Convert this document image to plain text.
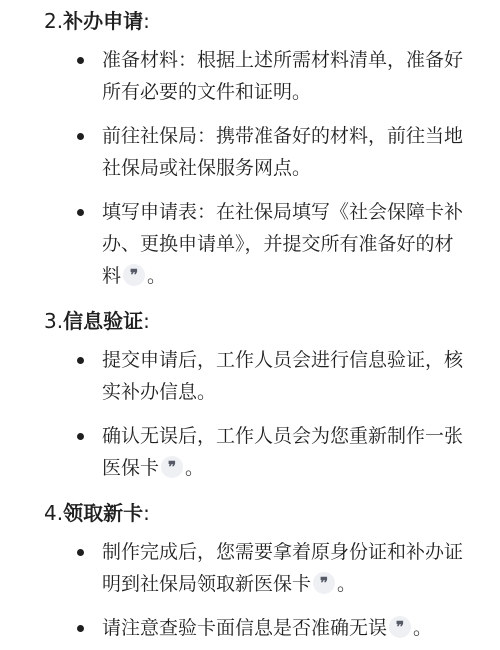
2.补办申请:
准备材料：根据上述所需材料清单，准备好所有必要的文件和证明。
前往社保局：携带准备好的材料，前往当地社保局或社保服务网点。
填写申请表：在社保局填写《社会保障卡补办、更换申请单》，并提交所有准备好的材料 ❞ 。
3.信息验证:
提交申请后，工作人员会进行信息验证，核实补办信息。
确认无误后，工作人员会为您重新制作一张医保卡 ❞ 。
4.领取新卡:
制作完成后，您需要拿着原身份证和补办证明到社保局领取新医保卡 ❞ 。
请注意查验卡面信息是否准确无误 ❞ 。
